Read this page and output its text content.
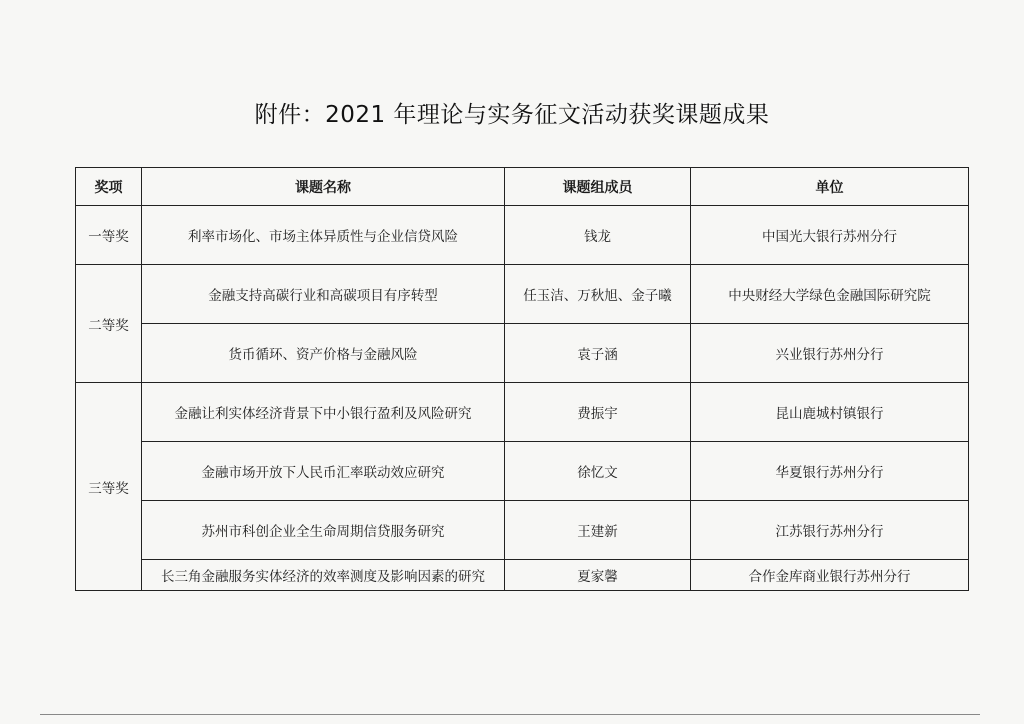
附件：2021 年理论与实务征文活动获奖课题成果
奖项	课题名称	课题组成员	单位
一等奖	利率市场化、市场主体异质性与企业信贷风险	钱龙	中国光大银行苏州分行
二等奖	金融支持高碳行业和高碳项目有序转型	任玉洁、万秋旭、金子曦	中央财经大学绿色金融国际研究院
	货币循环、资产价格与金融风险	袁子涵	兴业银行苏州分行
三等奖	金融让利实体经济背景下中小银行盈利及风险研究	费振宇	昆山鹿城村镇银行
	金融市场开放下人民币汇率联动效应研究	徐忆文	华夏银行苏州分行
	苏州市科创企业全生命周期信贷服务研究	王建新	江苏银行苏州分行
	长三角金融服务实体经济的效率测度及影响因素的研究	夏家馨	合作金库商业银行苏州分行
